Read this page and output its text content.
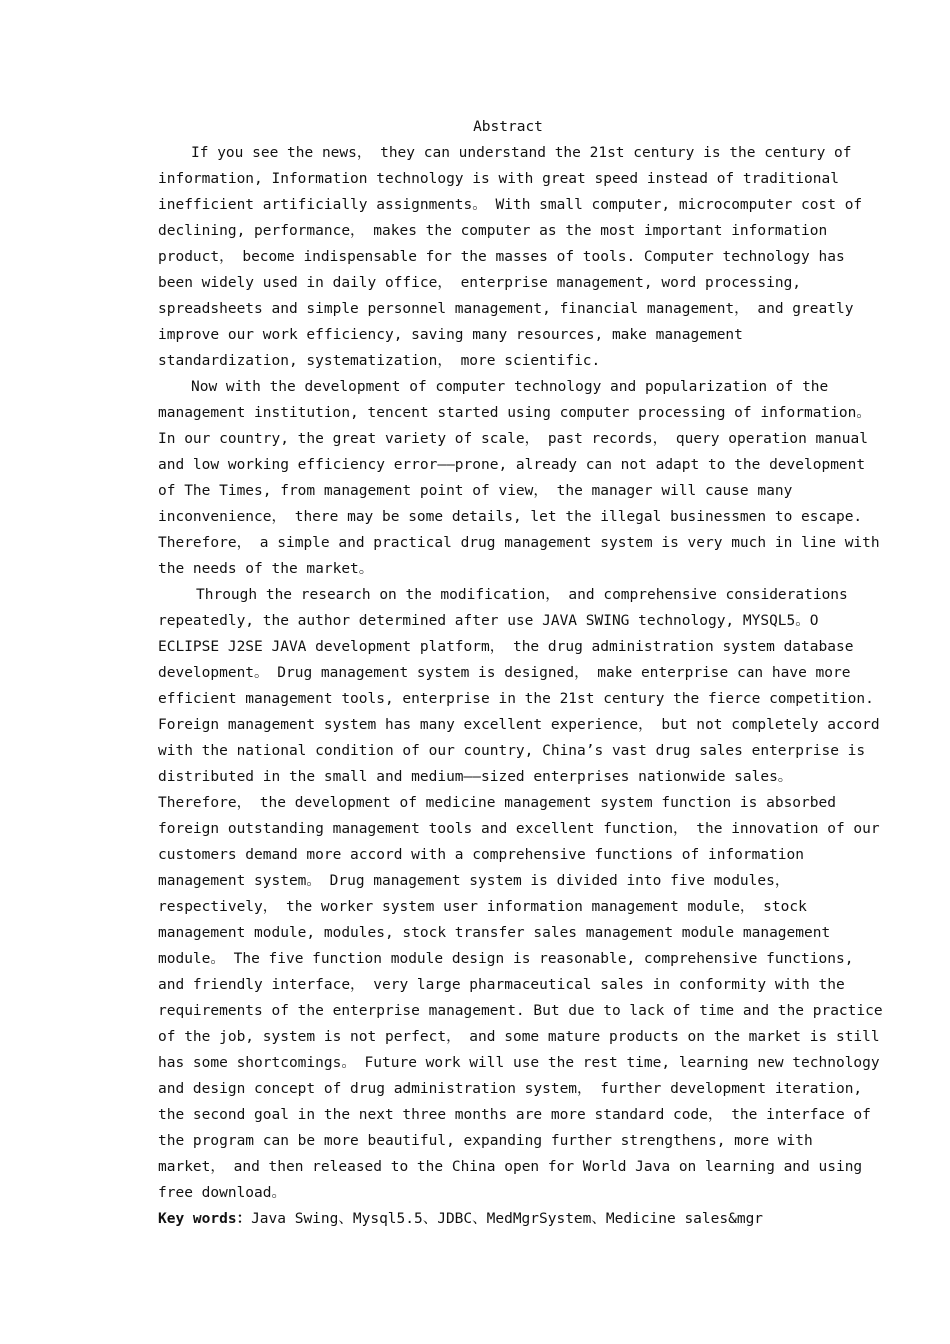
Abstract

If you see the news， they can understand the 21st century is the century of
information, Information technology is with great speed instead of traditional
inefficient artificially assignments。 With small computer, microcomputer cost of
declining, performance， makes the computer as the most important information
product， become indispensable for the masses of tools. Computer technology has
been widely used in daily office， enterprise management, word processing,
spreadsheets and simple personnel management, financial management， and greatly
improve our work efficiency, saving many resources, make management
standardization, systematization， more scientific.

Now with the development of computer technology and popularization of the
management institution, tencent started using computer processing of information。
In our country, the great variety of scale， past records， query operation manual
and low working efficiency error——prone, already can not adapt to the development
of The Times, from management point of view， the manager will cause many
inconvenience， there may be some details, let the illegal businessmen to escape.
Therefore， a simple and practical drug management system is very much in line with
the needs of the market。

Through the research on the modification， and comprehensive considerations
repeatedly, the author determined after use JAVA SWING technology, MYSQL5。O
ECLIPSE J2SE JAVA development platform， the drug administration system database
development。 Drug management system is designed， make enterprise can have more
efficient management tools, enterprise in the 21st century the fierce competition.
Foreign management system has many excellent experience， but not completely accord
with the national condition of our country, China’s vast drug sales enterprise is
distributed in the small and medium——sized enterprises nationwide sales。
Therefore， the development of medicine management system function is absorbed
foreign outstanding management tools and excellent function， the innovation of our
customers demand more accord with a comprehensive functions of information
management system。 Drug management system is divided into five modules，
respectively， the worker system user information management module， stock
management module, modules, stock transfer sales management module management
module。 The five function module design is reasonable, comprehensive functions,
and friendly interface， very large pharmaceutical sales in conformity with the
requirements of the enterprise management. But due to lack of time and the practice
of the job, system is not perfect， and some mature products on the market is still
has some shortcomings。 Future work will use the rest time, learning new technology
and design concept of drug administration system， further development iteration,
the second goal in the next three months are more standard code， the interface of
the program can be more beautiful, expanding further strengthens, more with
market， and then released to the China open for World Java on learning and using
free download。

Key words：Java Swing、Mysql5.5、JDBC、MedMgrSystem、Medicine sales&mgr
